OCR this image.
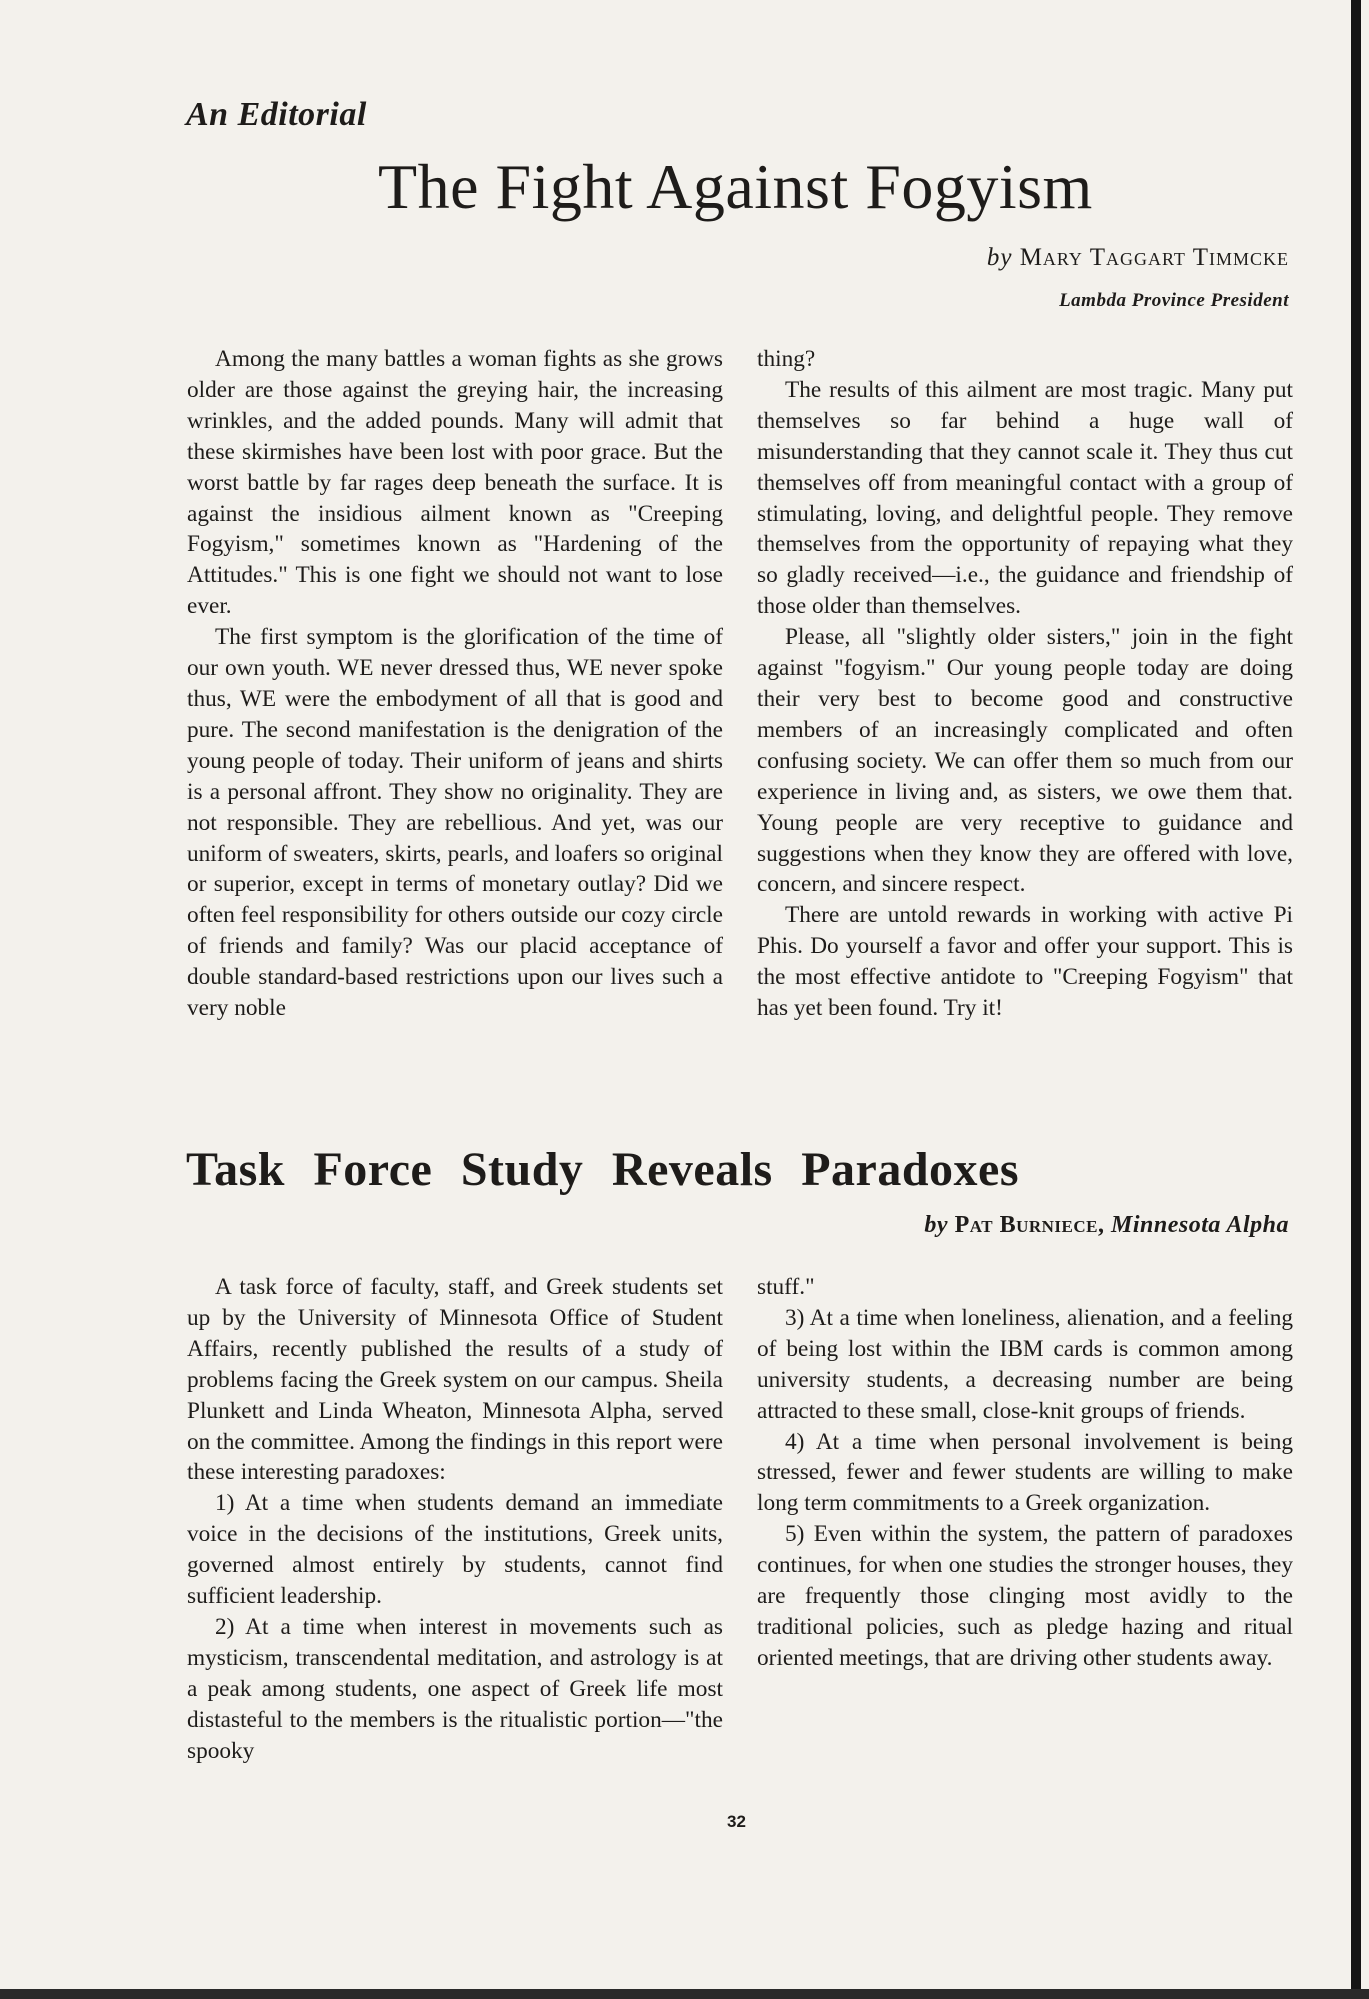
An Editorial

The Fight Against Fogyism

by Mary Taggart Timmcke

Lambda Province President

Among the many battles a woman fights as she grows older are those against the greying hair, the increasing wrinkles, and the added pounds. Many will admit that these skirmishes have been lost with poor grace. But the worst battle by far rages deep beneath the surface. It is against the insidious ailment known as "Creeping Fogyism," sometimes known as "Hardening of the Attitudes." This is one fight we should not want to lose ever.

The first symptom is the glorification of the time of our own youth. WE never dressed thus, WE never spoke thus, WE were the embodyment of all that is good and pure. The second manifestation is the denigration of the young people of today. Their uniform of jeans and shirts is a personal affront. They show no originality. They are not responsible. They are rebellious. And yet, was our uniform of sweaters, skirts, pearls, and loafers so original or superior, except in terms of monetary outlay? Did we often feel responsibility for others outside our cozy circle of friends and family? Was our placid acceptance of double standard-based restrictions upon our lives such a very noble

thing?

The results of this ailment are most tragic. Many put themselves so far behind a huge wall of misunderstanding that they cannot scale it. They thus cut themselves off from meaningful contact with a group of stimulating, loving, and delightful people. They remove themselves from the opportunity of repaying what they so gladly received—i.e., the guidance and friendship of those older than themselves.

Please, all "slightly older sisters," join in the fight against "fogyism." Our young people today are doing their very best to become good and constructive members of an increasingly complicated and often confusing society. We can offer them so much from our experience in living and, as sisters, we owe them that. Young people are very receptive to guidance and suggestions when they know they are offered with love, concern, and sincere respect.

There are untold rewards in working with active Pi Phis. Do yourself a favor and offer your support. This is the most effective antidote to "Creeping Fogyism" that has yet been found. Try it!

Task Force Study Reveals Paradoxes

by Pat Burniece, Minnesota Alpha

A task force of faculty, staff, and Greek students set up by the University of Minnesota Office of Student Affairs, recently published the results of a study of problems facing the Greek system on our campus. Sheila Plunkett and Linda Wheaton, Minnesota Alpha, served on the committee. Among the findings in this report were these interesting paradoxes:

1) At a time when students demand an immediate voice in the decisions of the institutions, Greek units, governed almost entirely by students, cannot find sufficient leadership.

2) At a time when interest in movements such as mysticism, transcendental meditation, and astrology is at a peak among students, one aspect of Greek life most distasteful to the members is the ritualistic portion—"the spooky

stuff."

3) At a time when loneliness, alienation, and a feeling of being lost within the IBM cards is common among university students, a decreasing number are being attracted to these small, close-knit groups of friends.

4) At a time when personal involvement is being stressed, fewer and fewer students are willing to make long term commitments to a Greek organization.

5) Even within the system, the pattern of paradoxes continues, for when one studies the stronger houses, they are frequently those clinging most avidly to the traditional policies, such as pledge hazing and ritual oriented meetings, that are driving other students away.

32
